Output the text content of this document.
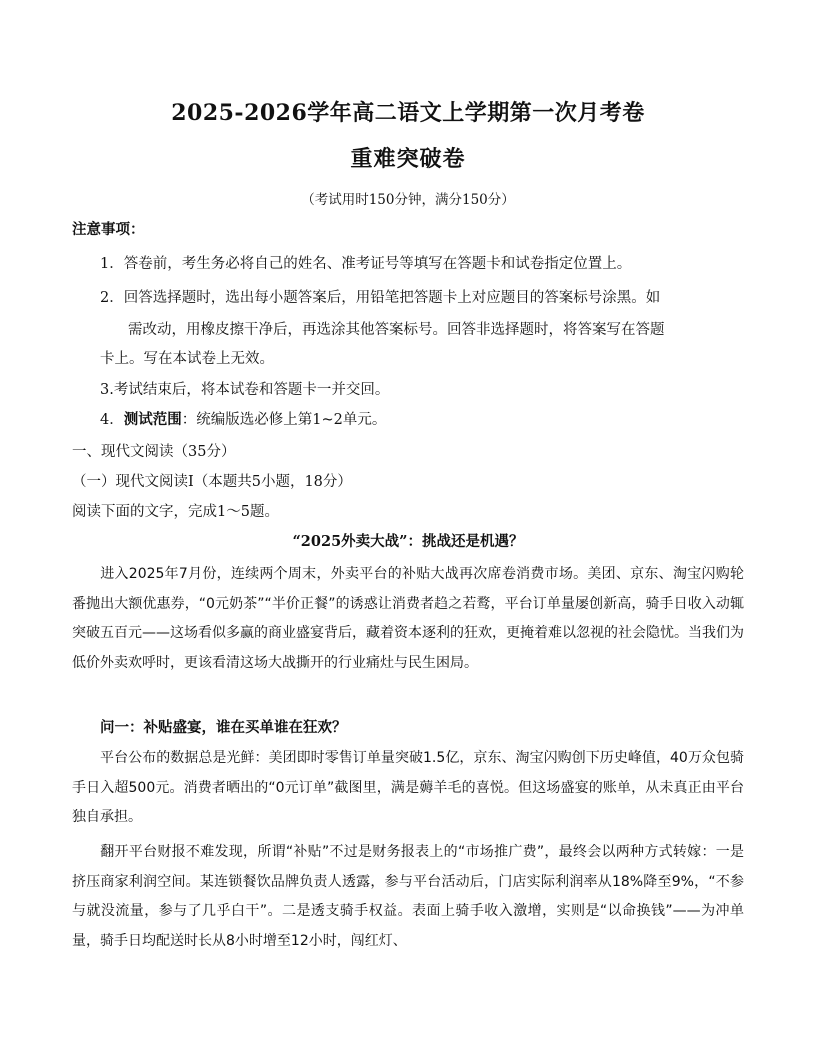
2025-2026学年高二语文上学期第一次月考卷
重难突破卷
（考试用时150分钟，满分150分）
注意事项：
1．答卷前，考生务必将自己的姓名、准考证号等填写在答题卡和试卷指定位置上。
2．回答选择题时，选出每小题答案后，用铅笔把答题卡上对应题目的答案标号涂黑。如
需改动，用橡皮擦干净后，再选涂其他答案标号。回答非选择题时，将答案写在答题
卡上。写在本试卷上无效。
3.考试结束后，将本试卷和答题卡一并交回。
4．测试范围：统编版选必修上第1~2单元。
一、现代文阅读（35分）
（一）现代文阅读Ⅰ（本题共5小题，18分）
阅读下面的文字，完成1～5题。
“2025外卖大战”：挑战还是机遇？
进入2025年7月份，连续两个周末，外卖平台的补贴大战再次席卷消费市场。美团、京东、淘宝闪购轮番抛出大额优惠券，“0元奶茶”“半价正餐”的诱惑让消费者趋之若鹜，平台订单量屡创新高，骑手日收入动辄突破五百元——这场看似多赢的商业盛宴背后，藏着资本逐利的狂欢，更掩着难以忽视的社会隐忧。当我们为低价外卖欢呼时，更该看清这场大战撕开的行业痛灶与民生困局。
问一：补贴盛宴，谁在买单谁在狂欢？
平台公布的数据总是光鲜：美团即时零售订单量突破1.5亿，京东、淘宝闪购创下历史峰值，40万众包骑手日入超500元。消费者晒出的“0元订单”截图里，满是薅羊毛的喜悦。但这场盛宴的账单，从未真正由平台独自承担。
翻开平台财报不难发现，所谓“补贴”不过是财务报表上的“市场推广费”，最终会以两种方式转嫁：一是挤压商家利润空间。某连锁餐饮品牌负责人透露，参与平台活动后，门店实际利润率从18%降至9%，“不参与就没流量，参与了几乎白干”。二是透支骑手权益。表面上骑手收入激增，实则是“以命换钱”——为冲单量，骑手日均配送时长从8小时增至12小时，闯红灯、
